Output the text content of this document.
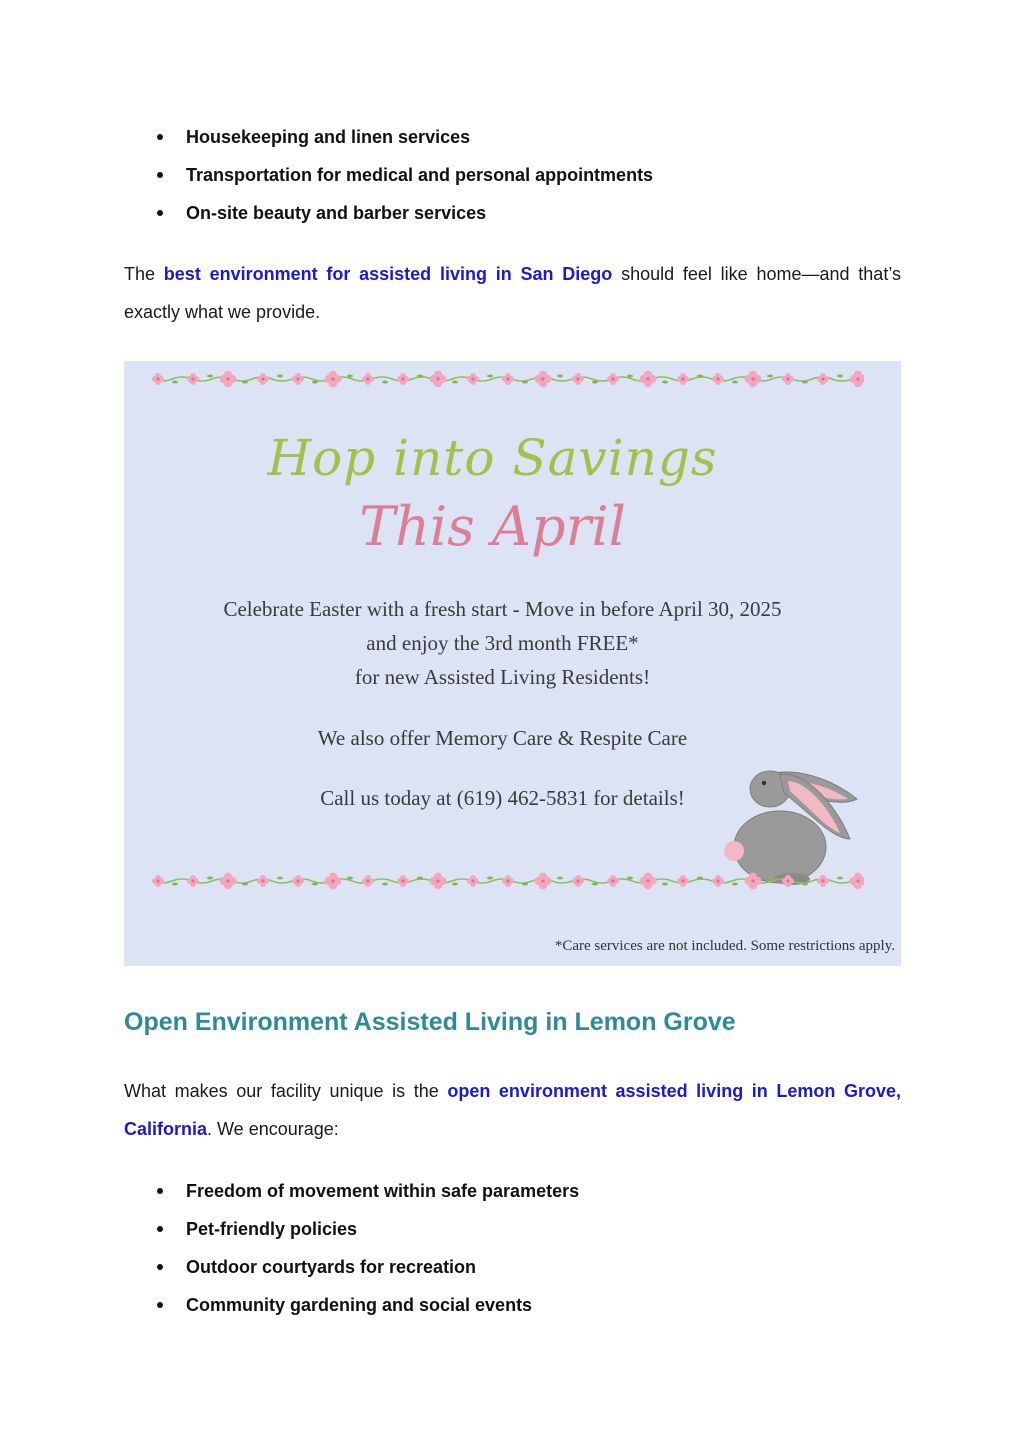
Housekeeping and linen services
Transportation for medical and personal appointments
On-site beauty and barber services

The best environment for assisted living in San Diego should feel like home—and that’s exactly what we provide.

Hop into Savings
This April
Celebrate Easter with a fresh start - Move in before April 30, 2025
and enjoy the 3rd month FREE*
for new Assisted Living Residents!
We also offer Memory Care & Respite Care
Call us today at (619) 462-5831 for details!
*Care services are not included. Some restrictions apply.
Open Environment Assisted Living in Lemon Grove

What makes our facility unique is the open environment assisted living in Lemon Grove, California. We encourage:

Freedom of movement within safe parameters
Pet-friendly policies
Outdoor courtyards for recreation
Community gardening and social events
